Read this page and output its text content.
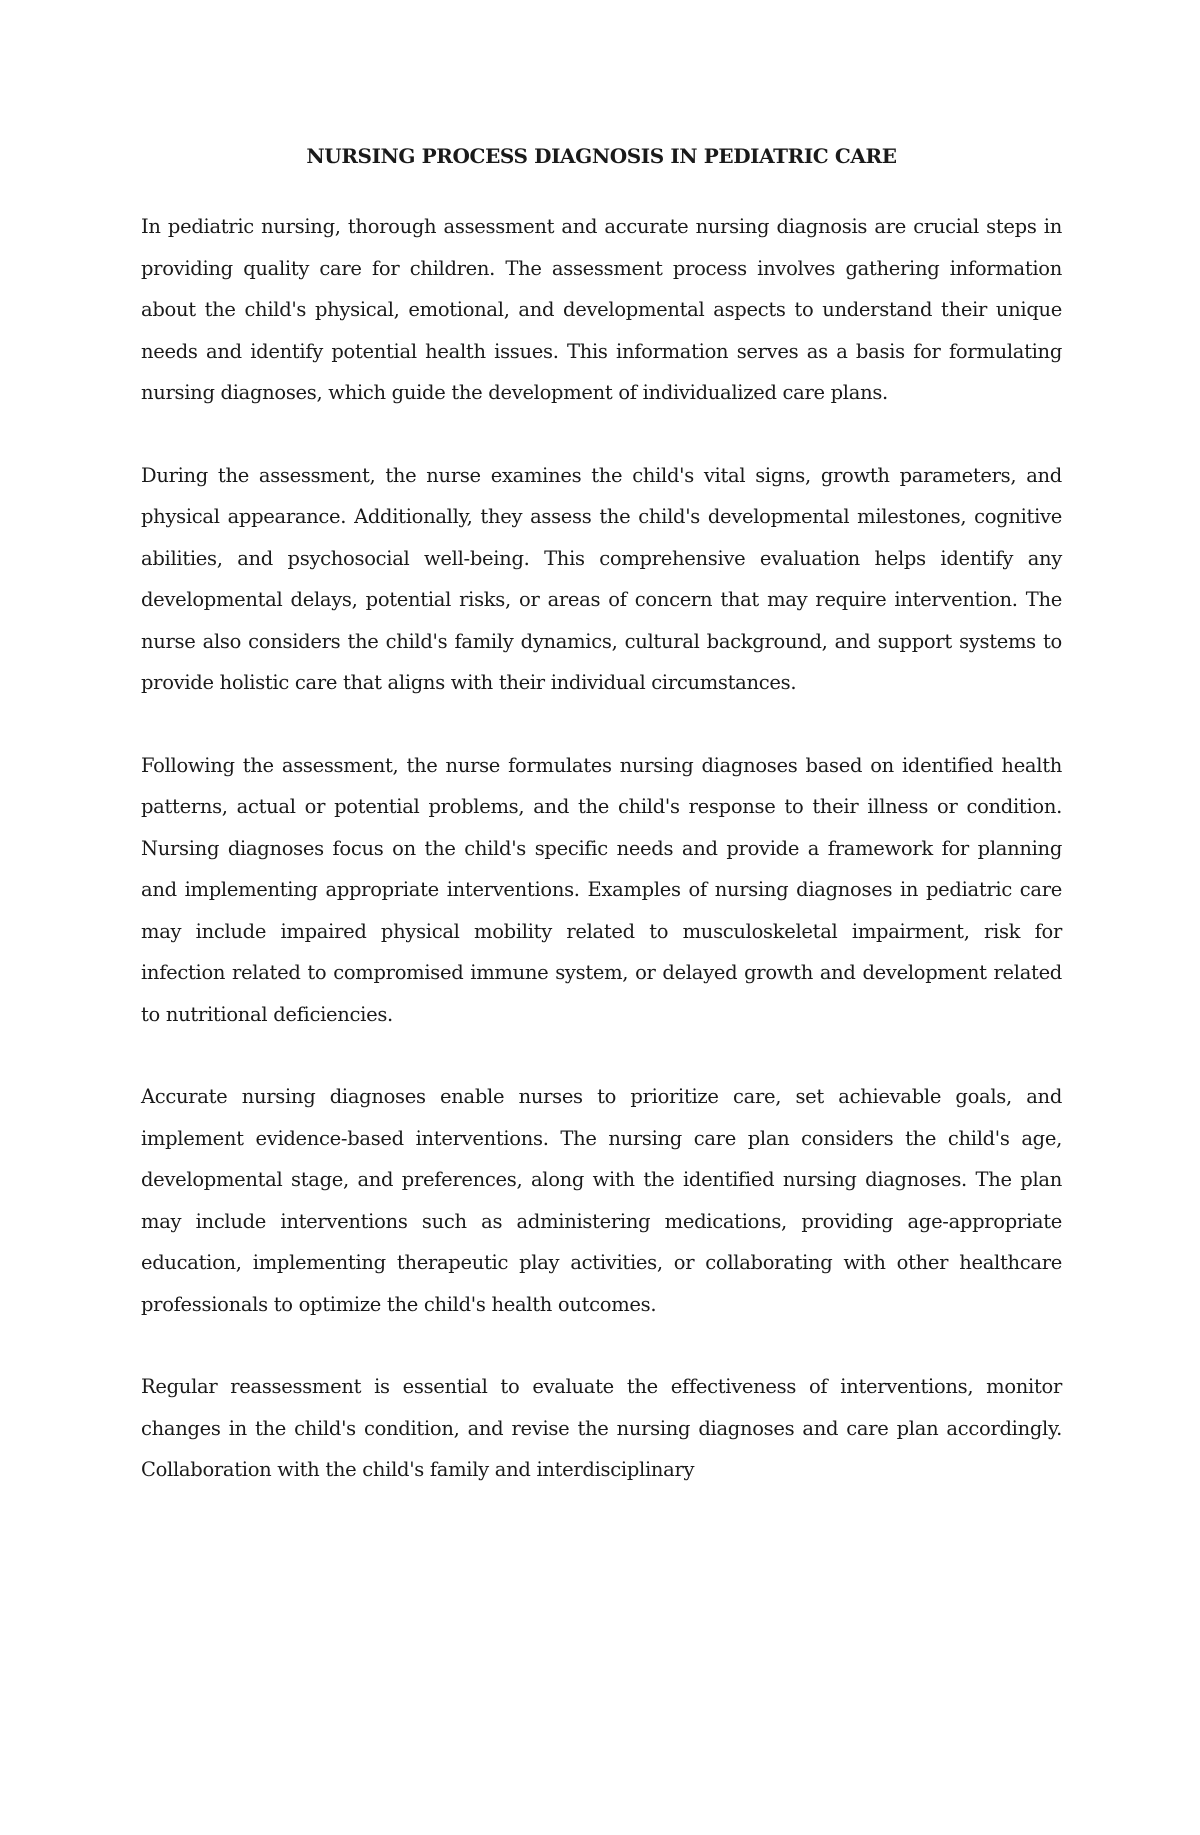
NURSING PROCESS DIAGNOSIS IN PEDIATRIC CARE

In pediatric nursing, thorough assessment and accurate nursing diagnosis are crucial steps in providing quality care for children. The assessment process involves gathering information about the child's physical, emotional, and developmental aspects to understand their unique needs and identify potential health issues. This information serves as a basis for formulating nursing diagnoses, which guide the development of individualized care plans.

During the assessment, the nurse examines the child's vital signs, growth parameters, and physical appearance. Additionally, they assess the child's developmental milestones, cognitive abilities, and psychosocial well-being. This comprehensive evaluation helps identify any developmental delays, potential risks, or areas of concern that may require intervention. The nurse also considers the child's family dynamics, cultural background, and support systems to provide holistic care that aligns with their individual circumstances.

Following the assessment, the nurse formulates nursing diagnoses based on identified health patterns, actual or potential problems, and the child's response to their illness or condition. Nursing diagnoses focus on the child's specific needs and provide a framework for planning and implementing appropriate interventions. Examples of nursing diagnoses in pediatric care may include impaired physical mobility related to musculoskeletal impairment, risk for infection related to compromised immune system, or delayed growth and development related to nutritional deficiencies.

Accurate nursing diagnoses enable nurses to prioritize care, set achievable goals, and implement evidence-based interventions. The nursing care plan considers the child's age, developmental stage, and preferences, along with the identified nursing diagnoses. The plan may include interventions such as administering medications, providing age-appropriate education, implementing therapeutic play activities, or collaborating with other healthcare professionals to optimize the child's health outcomes.

Regular reassessment is essential to evaluate the effectiveness of interventions, monitor changes in the child's condition, and revise the nursing diagnoses and care plan accordingly. Collaboration with the child's family and interdisciplinary
